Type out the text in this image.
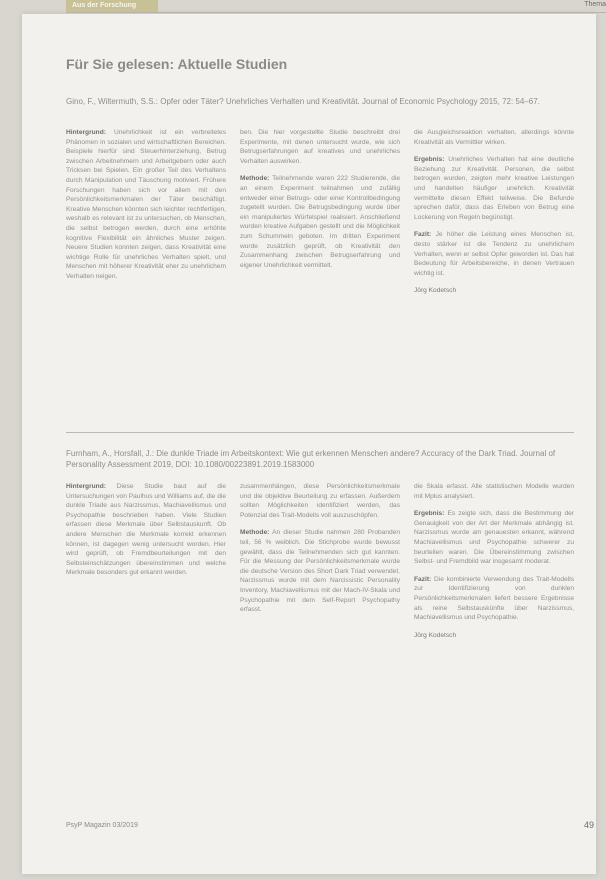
Aus der Forschung	Thema
Für Sie gelesen: Aktuelle Studien
Gino, F., Wiltermuth, S.S.: Opfer oder Täter? Unehrliches Verhalten und Kreativität. Journal of Economic Psychology 2015, 72: 54–67.

Hintergrund: Unehrlichkeit ist ein verbreitetes Phänomen in sozialen und wirtschaftlichen Bereichen. Beispiele hierfür sind Steuerhinterziehung, Betrug zwischen Arbeitnehmern und Arbeitgebern oder auch Tricksen bei Spielen. Ein großer Teil des Verhaltens durch Manipulation und Täuschung motiviert. Frühere Forschungen haben sich vor allem mit den Persönlichkeitsmerkmalen der Täter beschäftigt. Kreative Menschen könnten sich leichter rechtfertigen, weshalb es relevant ist zu untersuchen, ob Menschen, die selbst betrogen werden, durch eine erhöhte kognitive Flexibilität ein ähnliches Muster zeigen. Neuere Studien konnten zeigen, dass Kreativität eine wichtige Rolle für unehrliches Verhalten spielt, und Menschen mit höherer Kreativität eher zu unehrlichem Verhalten neigen.

ben. Die hier vorgestellte Studie beschreibt drei Experimente, mit denen untersucht wurde, wie sich Betrugserfahrungen auf kreatives und unehrliches Verhalten auswirken.

Methode: Teilnehmende waren 222 Studierende, die an einem Experiment teilnahmen und zufällig entweder einer Betrugs- oder einer Kontrollbedingung zugeteilt wurden. Die Betrugsbedingung wurde über ein manipuliertes Würfelspiel realisiert. Anschließend wurden kreative Aufgaben gestellt und die Möglichkeit zum Schummeln geboten. Im dritten Experiment wurde zusätzlich geprüft, ob Kreativität den Zusammenhang zwischen Betrugserfahrung und eigener Unehrlichkeit vermittelt.

die Ausgleichsreaktion verhalten, allerdings könnte Kreativität als Vermittler wirken.

Ergebnis: Unehrliches Verhalten hat eine deutliche Beziehung zur Kreativität. Personen, die selbst betrogen wurden, zeigten mehr kreative Leistungen und handelten häufiger unehrlich. Kreativität vermittelte diesen Effekt teilweise. Die Befunde sprechen dafür, dass das Erleben von Betrug eine Lockerung von Regeln begünstigt.

Fazit: Je höher die Leistung eines Menschen ist, desto stärker ist die Tendenz zu unehrlichem Verhalten, wenn er selbst Opfer geworden ist. Das hat Bedeutung für Arbeitsbereiche, in denen Vertrauen wichtig ist.

Jörg Kodetsch

Furnham, A., Horsfall, J.: Die dunkle Triade im Arbeitskontext: Wie gut erkennen Menschen andere? Accuracy of the Dark Triad. Journal of Personality Assessment 2019, DOI: 10.1080/00223891.2019.1583000

Hintergrund: Diese Studie baut auf die Untersuchungen von Paulhus und Williams auf, die die dunkle Triade aus Narzissmus, Machiavellismus und Psychopathie beschrieben haben. Viele Studien erfassen diese Merkmale über Selbstauskunft. Ob andere Menschen die Merkmale korrekt erkennen können, ist dagegen wenig untersucht worden. Hier wird geprüft, ob Fremdbeurteilungen mit den Selbsteinschätzungen übereinstimmen und welche Merkmale besonders gut erkannt werden.

zusammenhängen, diese Persönlichkeitsmerkmale und die objektive Beurteilung zu erfassen. Außerdem sollten Möglichkeiten identifiziert werden, das Potenzial des Trait-Modells voll auszuschöpfen.

Methode: An dieser Studie nahmen 280 Probanden teil, 56 % weiblich. Die Stichprobe wurde bewusst gewählt, dass die Teilnehmenden sich gut kannten. Für die Messung der Persönlichkeitsmerkmale wurde die deutsche Version des Short Dark Triad verwendet. Narzissmus wurde mit dem Narcissistic Personality Inventory, Machiavellismus mit der Mach-IV-Skala und Psychopathie mit dem Self-Report Psychopathy erfasst.

die Skala erfasst. Alle statistischen Modelle wurden mit Mplus analysiert.

Ergebnis: Es zeigte sich, dass die Bestimmung der Genauigkeit von der Art der Merkmale abhängig ist. Narzissmus wurde am genauesten erkannt, während Machiavellismus und Psychopathie schwerer zu beurteilen waren. Die Übereinstimmung zwischen Selbst- und Fremdbild war insgesamt moderat.

Fazit: Die kombinierte Verwendung des Trait-Modells zur Identifizierung von dunklen Persönlichkeitsmerkmalen liefert bessere Ergebnisse als reine Selbstauskünfte über Narzissmus, Machiavellismus und Psychopathie.

Jörg Kodetsch

PsyP Magazin 03/2019	49
